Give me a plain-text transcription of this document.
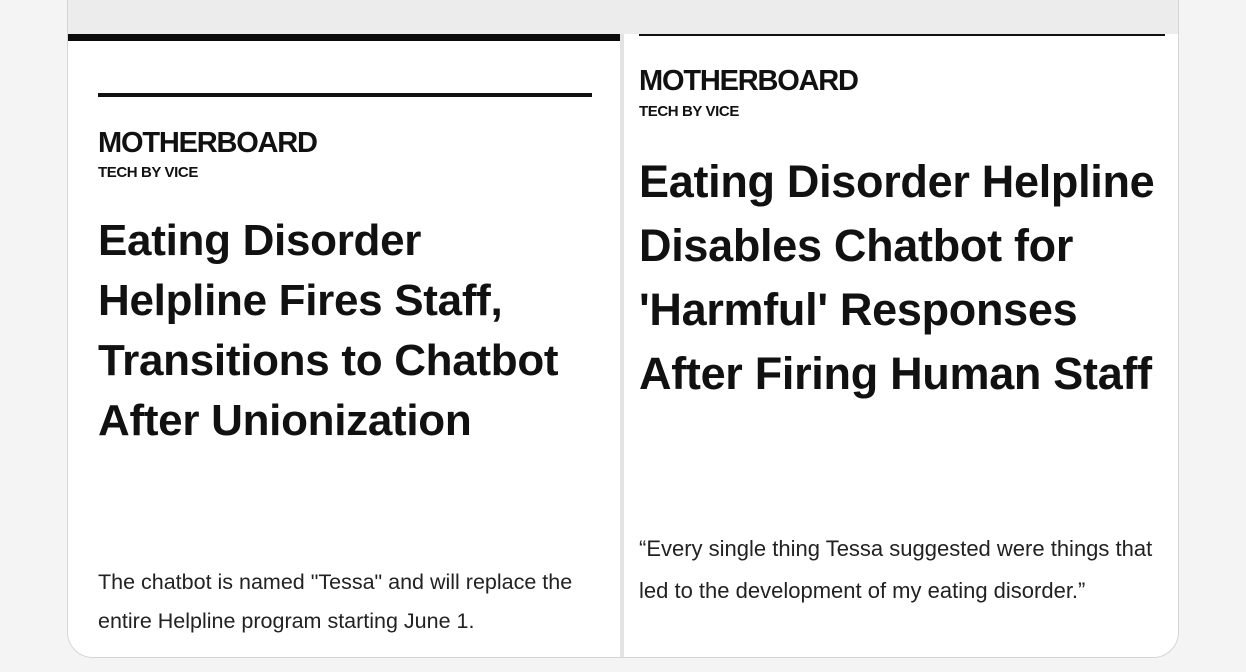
MOTHERBOARD
TECH BY VICE
Eating Disorder Helpline Fires Staff, Transitions to Chatbot After Unionization

The chatbot is named "Tessa" and will replace the entire Helpline program starting June 1.

MOTHERBOARD
TECH BY VICE
Eating Disorder Helpline Disables Chatbot for 'Harmful' Responses After Firing Human Staff

“Every single thing Tessa suggested were things that led to the development of my eating disorder.”
